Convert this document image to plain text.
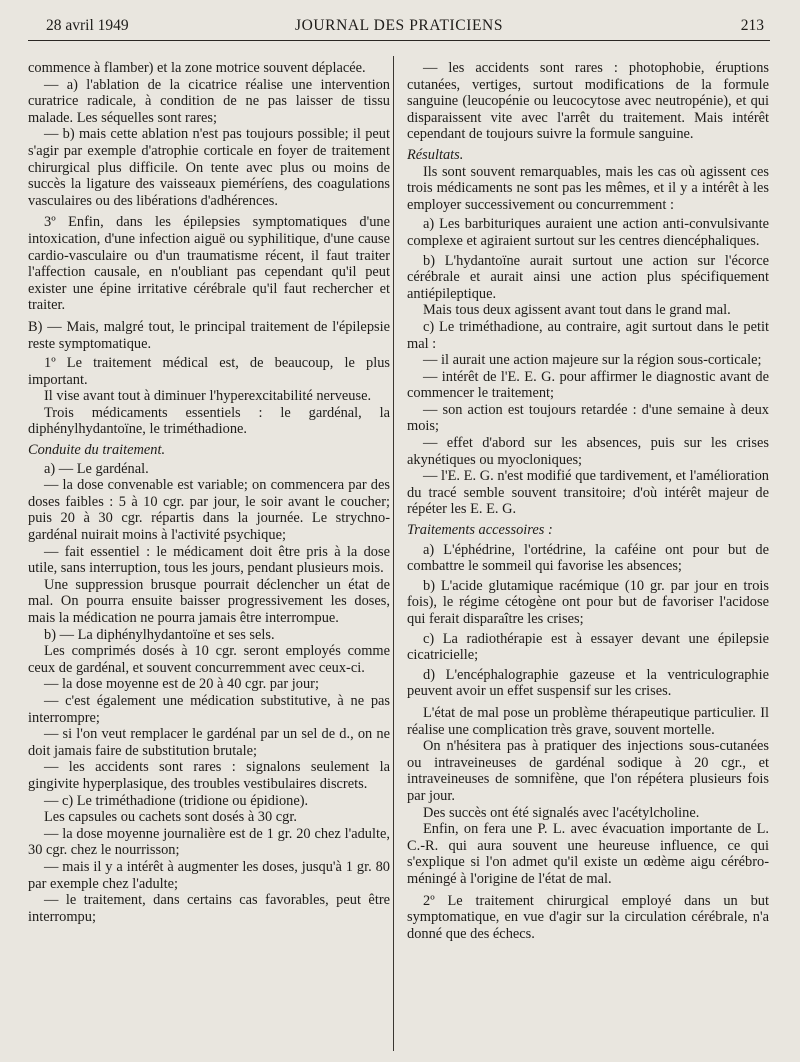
28 avril 1949	JOURNAL DES PRATICIENS	213

commence à flamber) et la zone motrice souvent déplacée.

— a) l'ablation de la cicatrice réalise une intervention curatrice radicale, à condition de ne pas laisser de tissu malade. Les séquelles sont rares;

— b) mais cette ablation n'est pas toujours possible; il peut s'agir par exemple d'atrophie corticale en foyer de traitement chirurgical plus difficile. On tente avec plus ou moins de succès la ligature des vaisseaux pieméríens, des coagulations vasculaires ou des libérations d'adhérences.

3º Enfin, dans les épilepsies symptomatiques d'une intoxication, d'une infection aiguë ou syphilitique, d'une cause cardio-vasculaire ou d'un traumatisme récent, il faut traiter l'affection causale, en n'oubliant pas cependant qu'il peut exister une épine irritative cérébrale qu'il faut rechercher et traiter.

B) — Mais, malgré tout, le principal traitement de l'épilepsie reste symptomatique.

1º Le traitement médical est, de beaucoup, le plus important.

Il vise avant tout à diminuer l'hyperexcitabilité nerveuse.

Trois médicaments essentiels : le gardénal, la diphénylhydantoïne, le triméthadione.

Conduite du traitement.

a) — Le gardénal.

— la dose convenable est variable; on commencera par des doses faibles : 5 à 10 cgr. par jour, le soir avant le coucher; puis 20 à 30 cgr. répartis dans la journée. Le strychno-gardénal nuirait moins à l'activité psychique;

— fait essentiel : le médicament doit être pris à la dose utile, sans interruption, tous les jours, pendant plusieurs mois.

Une suppression brusque pourrait déclencher un état de mal. On pourra ensuite baisser progressivement les doses, mais la médication ne pourra jamais être interrompue.

b) — La diphénylhydantoïne et ses sels.

Les comprimés dosés à 10 cgr. seront employés comme ceux de gardénal, et souvent concurremment avec ceux-ci.

— la dose moyenne est de 20 à 40 cgr. par jour;

— c'est également une médication substitutive, à ne pas interrompre;

— si l'on veut remplacer le gardénal par un sel de d., on ne doit jamais faire de substitution brutale;

— les accidents sont rares : signalons seulement la gingivite hyperplasique, des troubles vestibulaires discrets.

— c) Le triméthadione (tridione ou épidione).

Les capsules ou cachets sont dosés à 30 cgr.

— la dose moyenne journalière est de 1 gr. 20 chez l'adulte, 30 cgr. chez le nourrisson;

— mais il y a intérêt à augmenter les doses, jusqu'à 1 gr. 80 par exemple chez l'adulte;

— le traitement, dans certains cas favorables, peut être interrompu;

— les accidents sont rares : photophobie, éruptions cutanées, vertiges, surtout modifications de la formule sanguine (leucopénie ou leucocytose avec neutropénie), et qui disparaissent vite avec l'arrêt du traitement. Mais intérêt cependant de toujours suivre la formule sanguine.

Résultats.

Ils sont souvent remarquables, mais les cas où agissent ces trois médicaments ne sont pas les mêmes, et il y a intérêt à les employer successivement ou concurremment :

a) Les barbituriques auraient une action anti-convulsivante complexe et agiraient surtout sur les centres diencéphaliques.

b) L'hydantoïne aurait surtout une action sur l'écorce cérébrale et aurait ainsi une action plus spécifiquement antiépileptique.

Mais tous deux agissent avant tout dans le grand mal.

c) Le triméthadione, au contraire, agit surtout dans le petit mal :

— il aurait une action majeure sur la région sous-corticale;

— intérêt de l'E. E. G. pour affirmer le diagnostic avant de commencer le traitement;

— son action est toujours retardée : d'une semaine à deux mois;

— effet d'abord sur les absences, puis sur les crises akynétiques ou myocloniques;

— l'E. E. G. n'est modifié que tardivement, et l'amélioration du tracé semble souvent transitoire; d'où intérêt majeur de répéter les E. E. G.

Traitements accessoires :

a) L'éphédrine, l'ortédrine, la caféine ont pour but de combattre le sommeil qui favorise les absences;

b) L'acide glutamique racémique (10 gr. par jour en trois fois), le régime cétogène ont pour but de favoriser l'acidose qui ferait disparaître les crises;

c) La radiothérapie est à essayer devant une épilepsie cicatricielle;

d) L'encéphalographie gazeuse et la ventriculographie peuvent avoir un effet suspensif sur les crises.

L'état de mal pose un problème thérapeutique particulier. Il réalise une complication très grave, souvent mortelle.

On n'hésitera pas à pratiquer des injections sous-cutanées ou intraveineuses de gardénal sodique à 20 cgr., et intraveineuses de somnifène, que l'on répétera plusieurs fois par jour.

Des succès ont été signalés avec l'acétylcholine.

Enfin, on fera une P. L. avec évacuation importante de L. C.-R. qui aura souvent une heureuse influence, ce qui s'explique si l'on admet qu'il existe un œdème aigu cérébro-méningé à l'origine de l'état de mal.

2º Le traitement chirurgical employé dans un but symptomatique, en vue d'agir sur la circulation cérébrale, n'a donné que des échecs.
